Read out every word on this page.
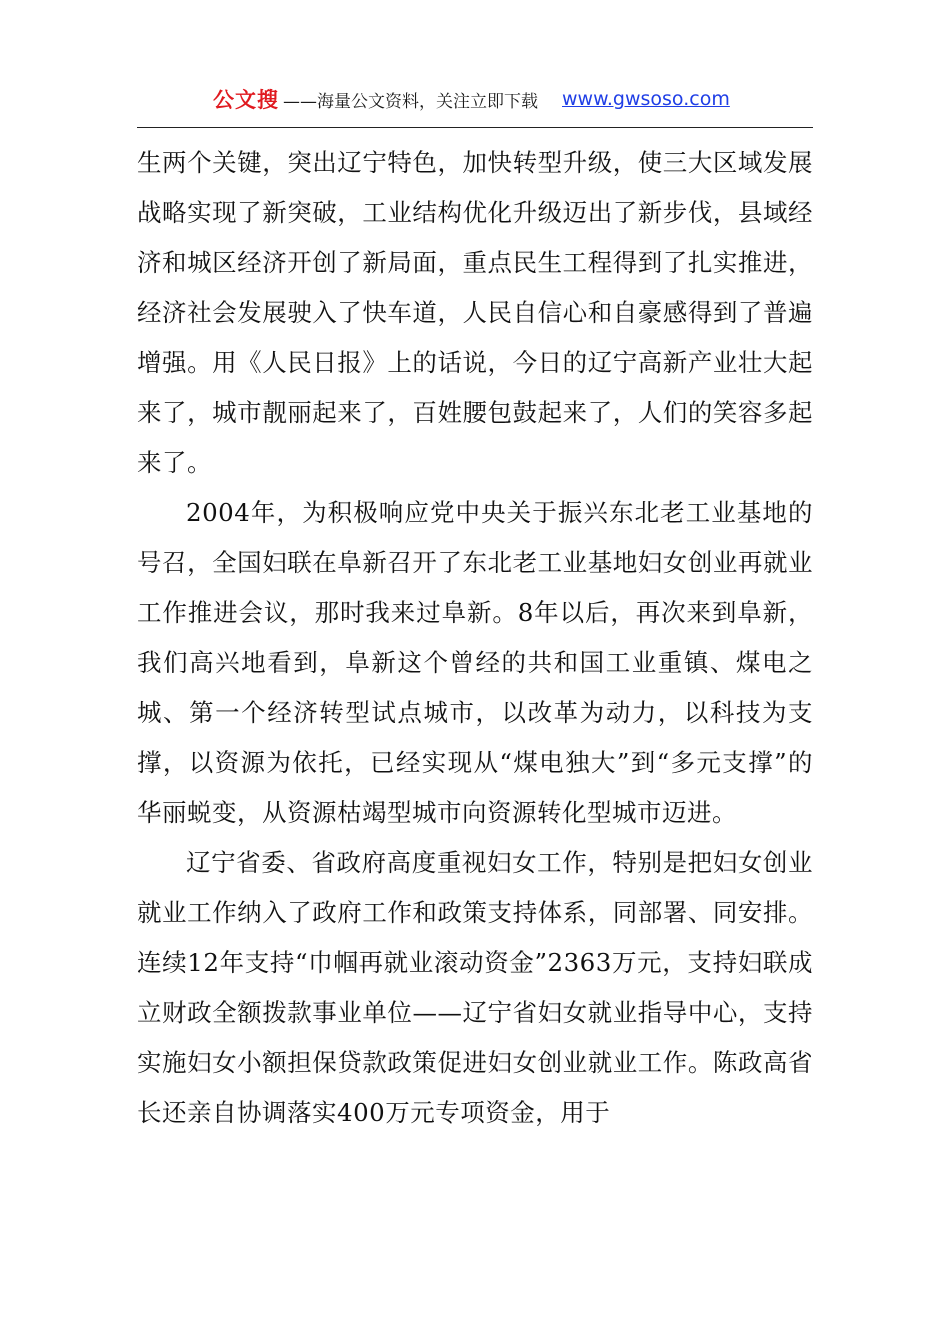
公文搜 ——海量公文资料，关注立即下载 www.gwsoso.com

生两个关键，突出辽宁特色，加快转型升级，使三大区域发展战略实现了新突破，工业结构优化升级迈出了新步伐，县域经济和城区经济开创了新局面，重点民生工程得到了扎实推进，经济社会发展驶入了快车道，人民自信心和自豪感得到了普遍增强。用《人民日报》上的话说，今日的辽宁高新产业壮大起来了，城市靓丽起来了，百姓腰包鼓起来了，人们的笑容多起来了。

2004年，为积极响应党中央关于振兴东北老工业基地的号召，全国妇联在阜新召开了东北老工业基地妇女创业再就业工作推进会议，那时我来过阜新。8年以后，再次来到阜新，我们高兴地看到，阜新这个曾经的共和国工业重镇、煤电之城、第一个经济转型试点城市，以改革为动力，以科技为支撑，以资源为依托，已经实现从“煤电独大”到“多元支撑”的华丽蜕变，从资源枯竭型城市向资源转化型城市迈进。

辽宁省委、省政府高度重视妇女工作，特别是把妇女创业就业工作纳入了政府工作和政策支持体系，同部署、同安排。连续12年支持“巾帼再就业滚动资金”2363万元，支持妇联成立财政全额拨款事业单位——辽宁省妇女就业指导中心，支持实施妇女小额担保贷款政策促进妇女创业就业工作。陈政高省长还亲自协调落实400万元专项资金，用于
